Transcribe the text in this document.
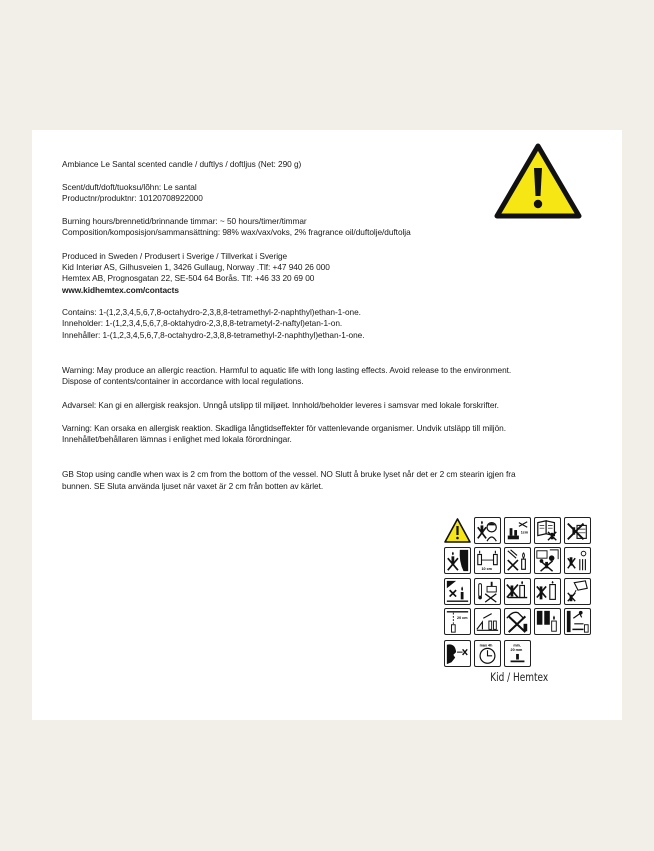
Ambiance Le Santal scented candle / duftlys / doftljus (Net: 290 g)
Scent/duft/doft/tuoksu/lõhn: Le santal
Productnr/produktnr: 10120708922000
Burning hours/brennetid/brinnande timmar: ~ 50 hours/timer/timmar
Composition/komposisjon/sammansättning: 98% wax/vax/voks, 2% fragrance oil/duftolje/duftolja
Produced in Sweden / Produsert i Sverige / Tillverkat i Sverige
Kid Interiør AS, Gilhusveien 1, 3426 Gullaug, Norway .Tlf: +47 940 26 000
Hemtex AB, Prognosgatan 22, SE-504 64 Borås. Tlf: +46 33 20 69 00
www.kidhemtex.com/contacts
Contains: 1-(1,2,3,4,5,6,7,8-octahydro-2,3,8,8-tetramethyl-2-naphthyl)ethan-1-one.
Inneholder: 1-(1,2,3,4,5,6,7,8-oktahydro-2,3,8,8-tetrametyl-2-naftyl)etan-1-on.
Innehåller: 1-(1,2,3,4,5,6,7,8-octahydro-2,3,8,8-tetramethyl-2-naphthyl)ethan-1-one.
Warning: May produce an allergic reaction. Harmful to aquatic life with long lasting effects. Avoid release to the environment.
Dispose of contents/container in accordance with local regulations.
Advarsel: Kan gi en allergisk reaksjon. Unngå utslipp til miljøet. Innhold/beholder leveres i samsvar med lokale forskrifter.
Varning: Kan orsaka en allergisk reaktion. Skadliga långtidseffekter för vattenlevande organismer. Undvik utsläpp till miljön.
Innehållet/behållaren lämnas i enlighet med lokala förordningar.
GB Stop using candle when wax is 2 cm from the bottom of the vessel. NO Slutt å bruke lyset når det er 2 cm stearin igjen fra
bunnen. SE Sluta använda ljuset när vaxet är 2 cm från botten av kärlet.
1cm
10 cm
20 cm
max 4h	min.
20 mm
Kid / Hemtex
